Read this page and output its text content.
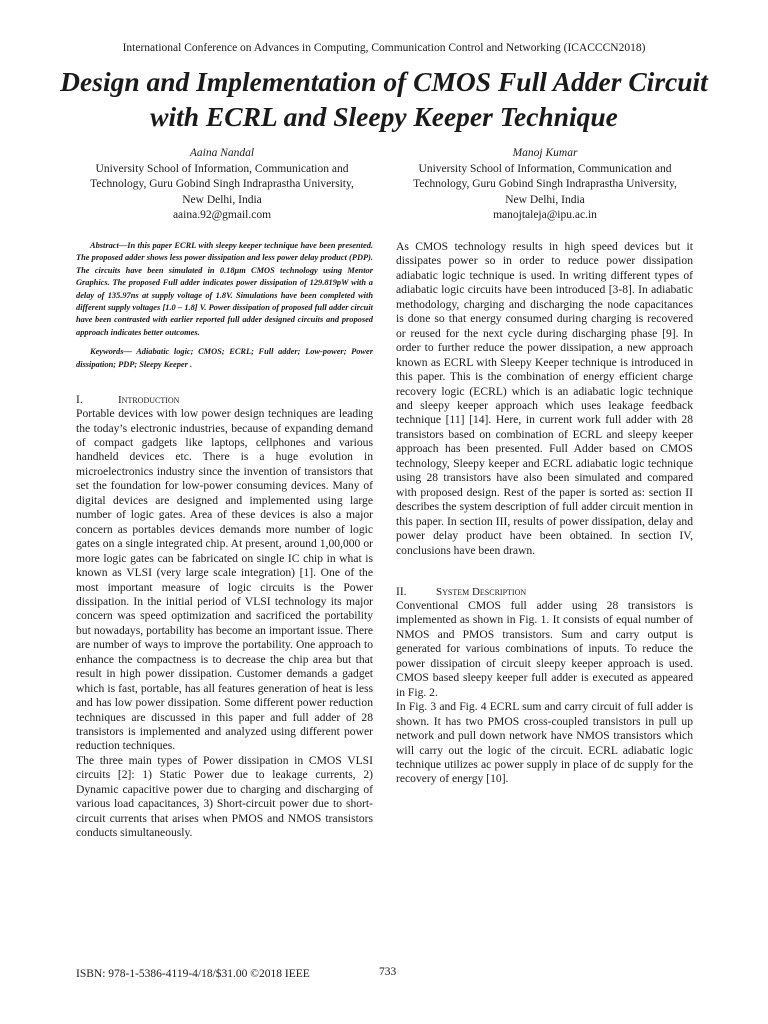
International Conference on Advances in Computing, Communication Control and Networking (ICACCCN2018)
Design and Implementation of CMOS Full Adder Circuit with ECRL and Sleepy Keeper Technique
Aaina Nandal
University School of Information, Communication and
Technology, Guru Gobind Singh Indraprastha University,
New Delhi, India
aaina.92@gmail.com
Manoj Kumar
University School of Information, Communication and
Technology, Guru Gobind Singh Indraprastha University,
New Delhi, India
manojtaleja@ipu.ac.in

Abstract—In this paper ECRL with sleepy keeper technique have been presented. The proposed adder shows less power dissipation and less power delay product (PDP). The circuits have been simulated in 0.18μm CMOS technology using Mentor Graphics. The proposed Full adder indicates power dissipation of 129.819pW with a delay of 135.97ns at supply voltage of 1.8V. Simulations have been completed with different supply voltages [1.0 – 1.8] V. Power dissipation of proposed full adder circuit have been contrasted with earlier reported full adder designed circuits and proposed approach indicates better outcomes.

Keywords— Adiabatic logic; CMOS; ECRL; Full adder; Low-power; Power dissipation; PDP; Sleepy Keeper .

I.	Introduction

Portable devices with low power design techniques are leading the today’s electronic industries, because of expanding demand of compact gadgets like laptops, cellphones and various handheld devices etc. There is a huge evolution in microelectronics industry since the invention of transistors that set the foundation for low-power consuming devices. Many of digital devices are designed and implemented using large number of logic gates. Area of these devices is also a major concern as portables devices demands more number of logic gates on a single integrated chip. At present, around 1,00,000 or more logic gates can be fabricated on single IC chip in what is known as VLSI (very large scale integration) [1]. One of the most important measure of logic circuits is the Power dissipation. In the initial period of VLSI technology its major concern was speed optimization and sacrificed the portability but nowadays, portability has become an important issue. There are number of ways to improve the portability. One approach to enhance the compactness is to decrease the chip area but that result in high power dissipation. Customer demands a gadget which is fast, portable, has all features generation of heat is less and has low power dissipation. Some different power reduction techniques are discussed in this paper and full adder of 28 transistors is implemented and analyzed using different power reduction techniques.

The three main types of Power dissipation in CMOS VLSI circuits [2]: 1) Static Power due to leakage currents, 2) Dynamic capacitive power due to charging and discharging of various load capacitances, 3) Short-circuit power due to short-circuit currents that arises when PMOS and NMOS transistors conducts simultaneously.

As CMOS technology results in high speed devices but it dissipates power so in order to reduce power dissipation adiabatic logic technique is used. In writing different types of adiabatic logic circuits have been introduced [3-8]. In adiabatic methodology, charging and discharging the node capacitances is done so that energy consumed during charging is recovered or reused for the next cycle during discharging phase [9]. In order to further reduce the power dissipation, a new approach known as ECRL with Sleepy Keeper technique is introduced in this paper. This is the combination of energy efficient charge recovery logic (ECRL) which is an adiabatic logic technique and sleepy keeper approach which uses leakage feedback technique [11] [14]. Here, in current work full adder with 28 transistors based on combination of ECRL and sleepy keeper approach has been presented. Full Adder based on CMOS technology, Sleepy keeper and ECRL adiabatic logic technique using 28 transistors have also been simulated and compared with proposed design. Rest of the paper is sorted as: section II describes the system description of full adder circuit mention in this paper. In section III, results of power dissipation, delay and power delay product have been obtained. In section IV, conclusions have been drawn.

II.	System Description

Conventional CMOS full adder using 28 transistors is implemented as shown in Fig. 1. It consists of equal number of NMOS and PMOS transistors. Sum and carry output is generated for various combinations of inputs. To reduce the power dissipation of circuit sleepy keeper approach is used. CMOS based sleepy keeper full adder is executed as appeared in Fig. 2.

In Fig. 3 and Fig. 4 ECRL sum and carry circuit of full adder is shown. It has two PMOS cross-coupled transistors in pull up network and pull down network have NMOS transistors which will carry out the logic of the circuit. ECRL adiabatic logic technique utilizes ac power supply in place of dc supply for the recovery of energy [10].

ISBN: 978-1-5386-4119-4/18/$31.00 ©2018 IEEE	733
